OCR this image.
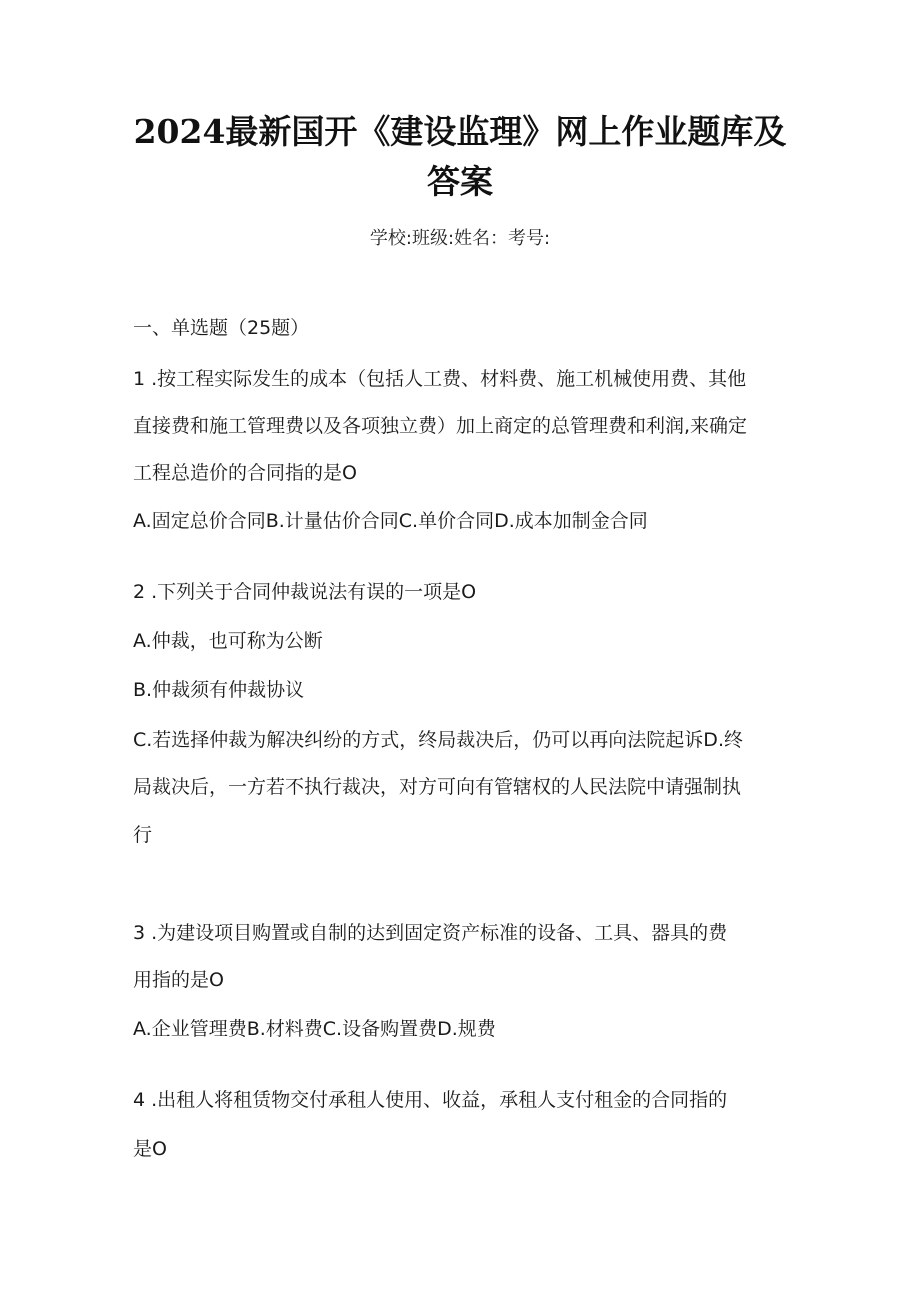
2024最新国开《建设监理》网上作业题库及
答案
学校:班级:姓名：考号:
一、单选题（25题）
1 .按工程实际发生的成本（包括人工费、材料费、施工机械使用费、其他
直接费和施工管理费以及各项独立费）加上商定的总管理费和利润,来确定
工程总造价的合同指的是O
A.固定总价合同B.计量估价合同C.单价合同D.成本加制金合同
2 .下列关于合同仲裁说法有误的一项是O
A.仲裁，也可称为公断
B.仲裁须有仲裁协议
C.若选择仲裁为解决纠纷的方式，终局裁决后，仍可以再向法院起诉D.终
局裁决后，一方若不执行裁决，对方可向有管辖权的人民法院中请强制执
行
3 .为建设项目购置或自制的达到固定资产标准的设备、工具、器具的费
用指的是O
A.企业管理费B.材料费C.设备购置费D.规费
4 .出租人将租赁物交付承租人使用、收益，承租人支付租金的合同指的
是O
